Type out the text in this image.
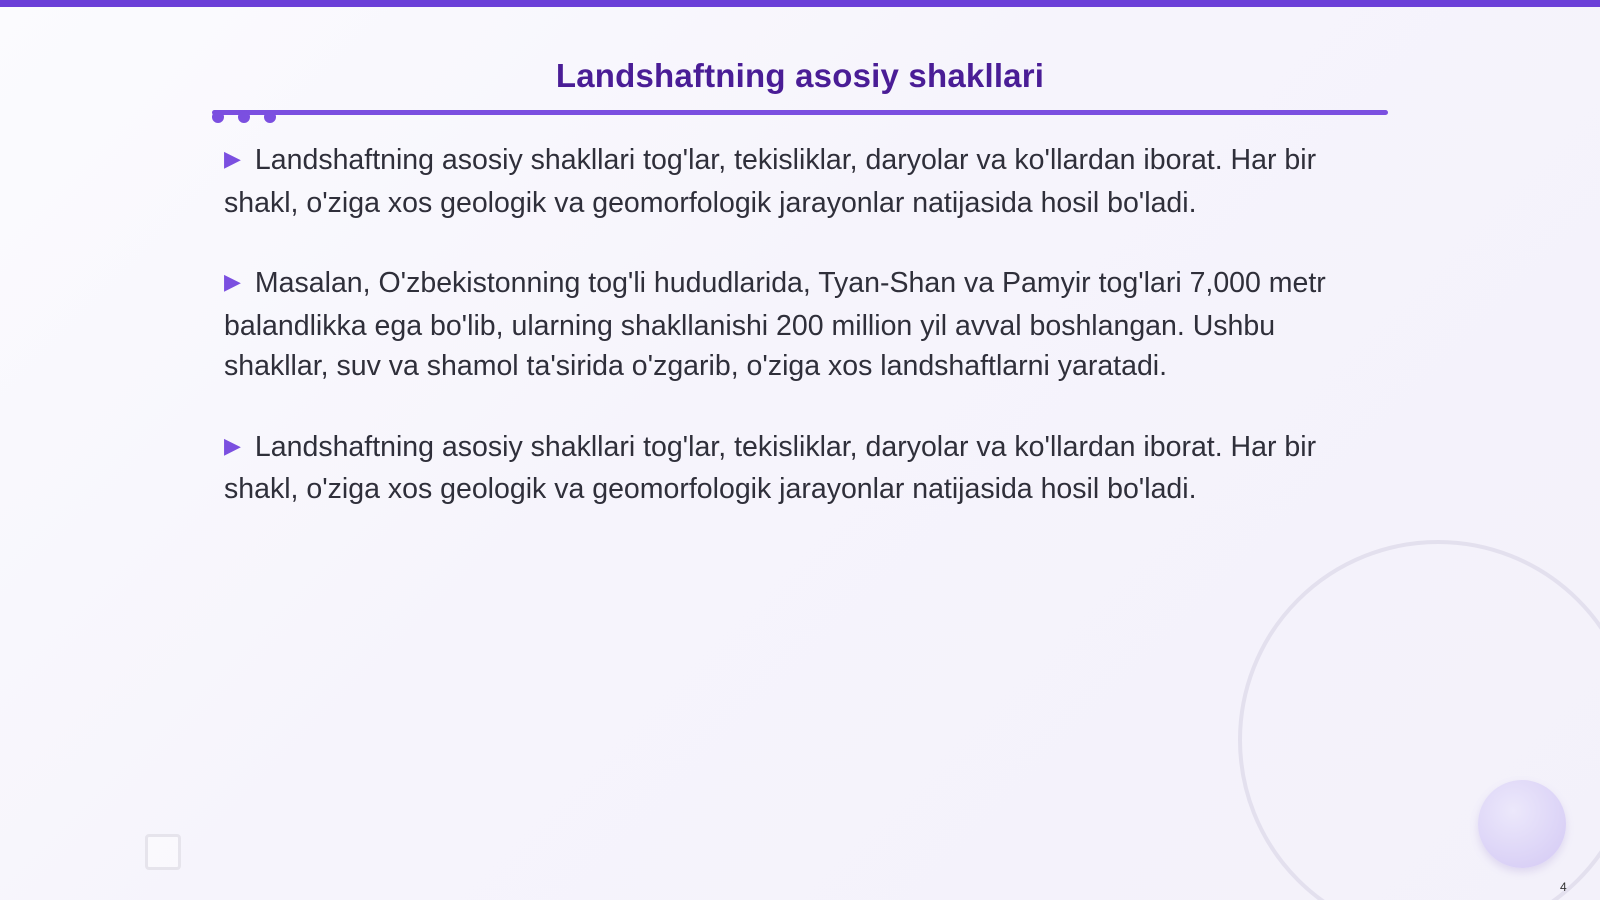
Landshaftning asosiy shakllari

▶ Landshaftning asosiy shakllari tog'lar, tekisliklar, daryolar va ko'llardan iborat. Har bir shakl, o'ziga xos geologik va geomorfologik jarayonlar natijasida hosil bo'ladi.

▶ Masalan, O'zbekistonning tog'li hududlarida, Tyan-Shan va Pamyir tog'lari 7,000 metr balandlikka ega bo'lib, ularning shakllanishi 200 million yil avval boshlangan. Ushbu shakllar, suv va shamol ta'sirida o'zgarib, o'ziga xos landshaftlarni yaratadi.

▶ Landshaftning asosiy shakllari tog'lar, tekisliklar, daryolar va ko'llardan iborat. Har bir shakl, o'ziga xos geologik va geomorfologik jarayonlar natijasida hosil bo'ladi.

4
